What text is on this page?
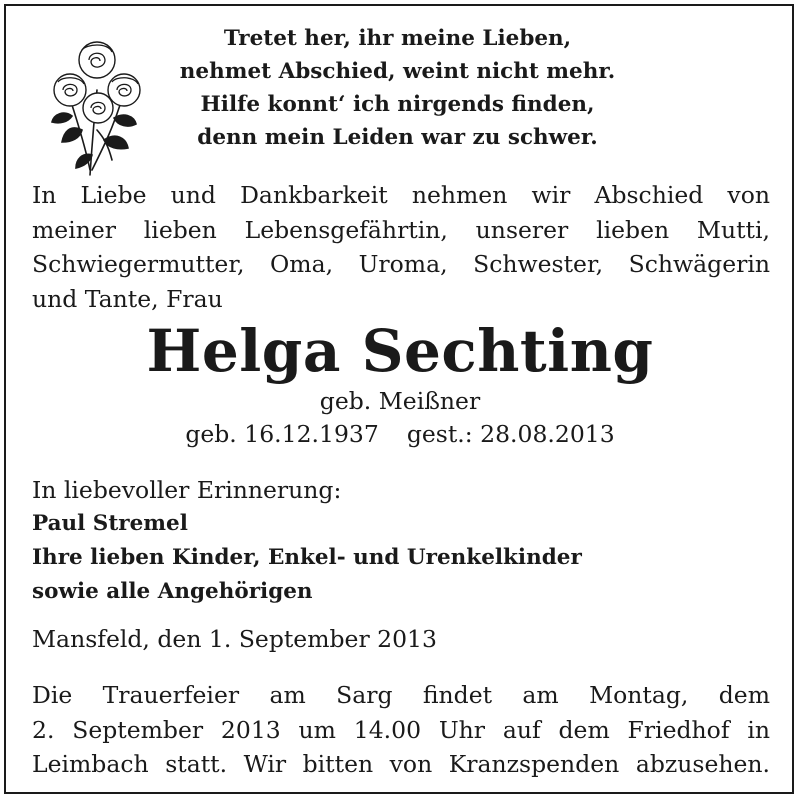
Tretet her, ihr meine Lieben,
nehmet Abschied, weint nicht mehr.
Hilfe konnt‘ ich nirgends finden,
denn mein Leiden war zu schwer.
In Liebe und Dankbarkeit nehmen wir Abschied von
meiner lieben Lebensgefährtin, unserer lieben Mutti,
Schwiegermutter, Oma, Uroma, Schwester, Schwägerin
und Tante, Frau
Helga Sechting
geb. Meißner
geb. 16.12.1937 gest.: 28.08.2013
In liebevoller Erinnerung:
Paul Stremel
Ihre lieben Kinder, Enkel- und Urenkelkinder
sowie alle Angehörigen
Mansfeld, den 1. September 2013
Die Trauerfeier am Sarg findet am Montag, dem
2. September 2013 um 14.00 Uhr auf dem Friedhof in
Leimbach statt. Wir bitten von Kranzspenden abzusehen.
